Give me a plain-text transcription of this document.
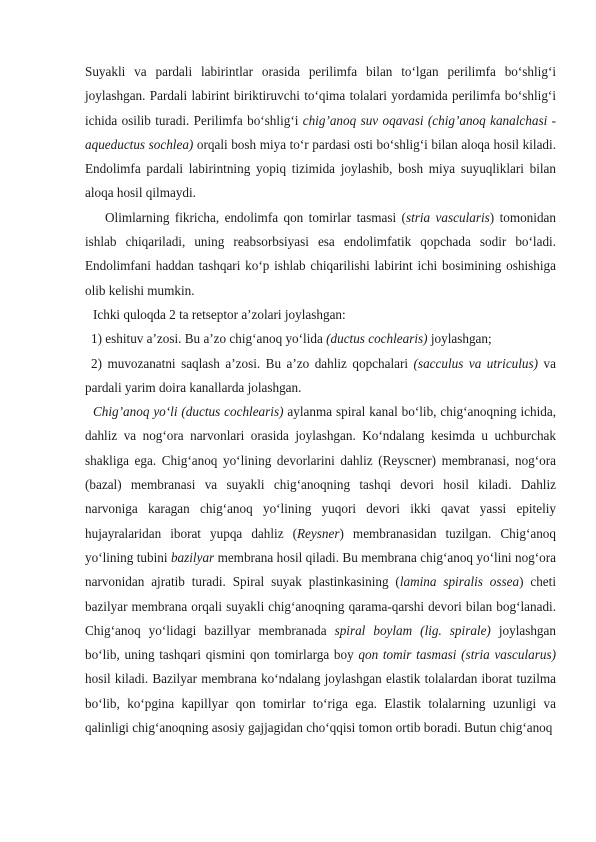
Suyakli va pardali labirintlar orasida perilimfa bilan to‘lgan perilimfa bo‘shlig‘i joylashgan. Pardali labirint biriktiruvchi to‘qima tolalari yordamida perilimfa bo‘shlig‘i ichida osilib turadi. Perilimfa bo‘shlig‘i chig’anoq suv oqavasi (chig’anoq kanalchasi - aqueductus sochlea) orqali bosh miya to‘r pardasi osti bo‘shlig‘i bilan aloqa hosil kiladi. Endolimfa pardali labirintning yopiq tizimida joylashib, bosh miya suyuqliklari bilan aloqa hosil qilmaydi.

Olimlarning fikricha, endolimfa qon tomirlar tasmasi (stria vascularis) tomonidan ishlab chiqariladi, uning reabsorbsiyasi esa endolimfatik qopchada sodir bo‘ladi. Endolimfani haddan tashqari ko‘p ishlab chiqarilishi labirint ichi bosimining oshishiga olib kelishi mumkin.

Ichki quloqda 2 ta retseptor a’zolari joylashgan:

1) eshituv a’zosi. Bu a’zo chig‘anoq yo‘lida (ductus cochlearis) joylashgan;

2) muvozanatni saqlash a’zosi. Bu a’zo dahliz qopchalari (sacculus va utriculus) va pardali yarim doira kanallarda jolashgan.

Chig’anoq yo‘li (ductus cochlearis) aylanma spiral kanal bo‘lib, chig‘anoqning ichida, dahliz va nog‘ora narvonlari orasida joylashgan. Ko‘ndalang kesimda u uchburchak shakliga ega. Chig‘anoq yo‘lining devorlarini dahliz (Reyscner) membranasi, nog‘ora (bazal) membranasi va suyakli chig‘anoqning tashqi devori hosil kiladi. Dahliz narvoniga karagan chig‘anoq yo‘lining yuqori devori ikki qavat yassi epiteliy hujayralaridan iborat yupqa dahliz (Reysner) membranasidan tuzilgan. Chig‘anoq yo‘lining tubini bazilyar membrana hosil qiladi. Bu membrana chig‘anoq yo‘lini nog‘ora narvonidan ajratib turadi. Spiral suyak plastinkasining (lamina spiralis ossea) cheti bazilyar membrana orqali suyakli chig‘anoqning qarama-qarshi devori bilan bog‘lanadi. Chig‘anoq yo‘lidagi bazillyar membranada spiral boylam (lig. spirale) joylashgan bo‘lib, uning tashqari qismini qon tomirlarga boy qon tomir tasmasi (stria vascularus) hosil kiladi. Bazilyar membrana ko‘ndalang joylashgan elastik tolalardan iborat tuzilma bo‘lib, ko‘pgina kapillyar qon tomirlar to‘riga ega. Elastik tolalarning uzunligi va qalinligi chig‘anoqning asosiy gajjagidan cho‘qqisi tomon ortib boradi. Butun chig‘anoq
